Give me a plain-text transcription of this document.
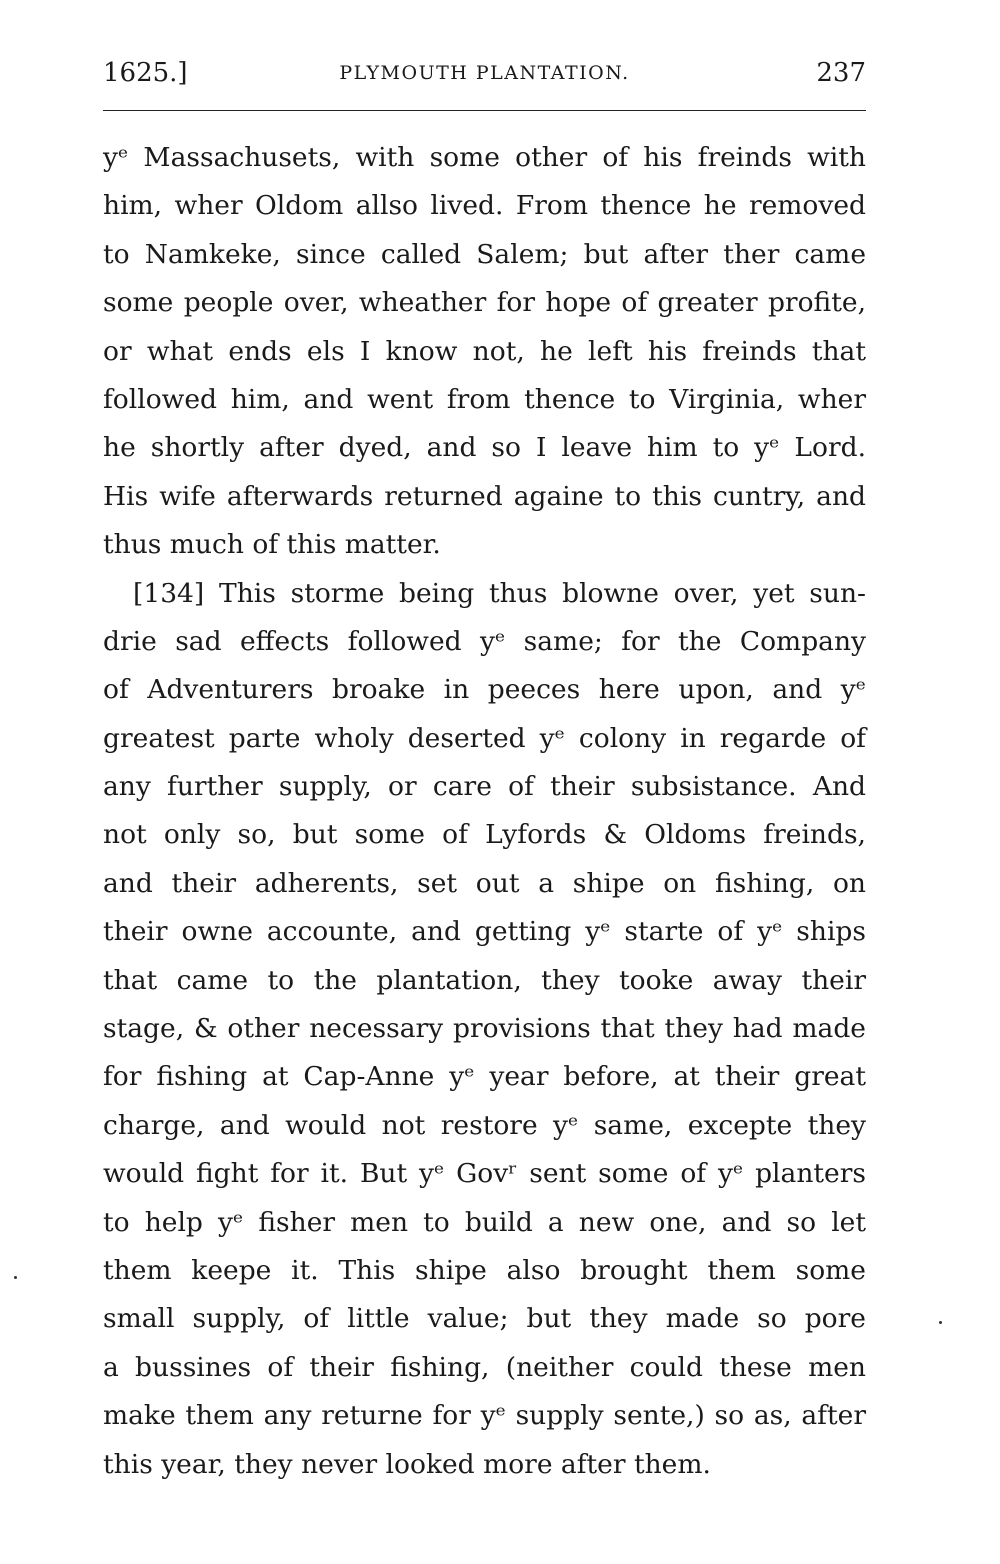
1625.]	PLYMOUTH PLANTATION.	237
yᵉ Massachusets, with some other of his freinds with
him, wher Oldom allso lived. From thence he removed
to Namkeke, since called Salem; but after ther came
some people over, wheather for hope of greater profite,
or what ends els I know not, he left his freinds that
followed him, and went from thence to Virginia, wher
he shortly after dyed, and so I leave him to yᵉ Lord.
His wife afterwards returned againe to this cuntry, and
thus much of this matter.
[134] This storme being thus blowne over, yet sun-
drie sad effects followed yᵉ same; for the Company
of Adventurers broake in peeces here upon, and yᵉ
greatest parte wholy deserted yᵉ colony in regarde of
any further supply, or care of their subsistance. And
not only so, but some of Lyfords & Oldoms freinds,
and their adherents, set out a shipe on fishing, on
their owne accounte, and getting yᵉ starte of yᵉ ships
that came to the plantation, they tooke away their
stage, & other necessary provisions that they had made
for fishing at Cap-Anne yᵉ year before, at their great
charge, and would not restore yᵉ same, excepte they
would fight for it. But yᵉ Govʳ sent some of yᵉ planters
to help yᵉ fisher men to build a new one, and so let
them keepe it. This shipe also brought them some
small supply, of little value; but they made so pore
a bussines of their fishing, (neither could these men
make them any returne for yᵉ supply sente,) so as, after
this year, they never looked more after them.
